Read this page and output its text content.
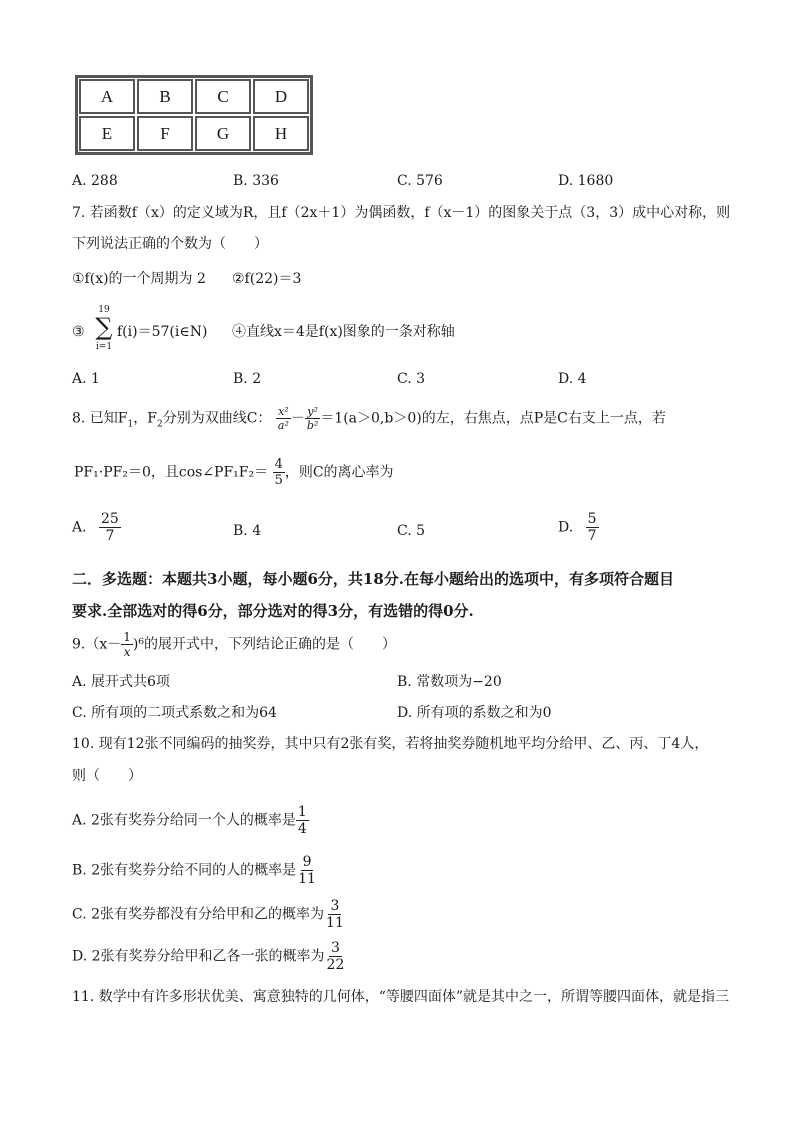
A	B	C	D
E	F	G	H
A. 288	B. 336	C. 576	D. 1680
7. 若函数f（x）的定义域为R，且f（2x＋1）为偶函数，f（x－1）的图象关于点（3，3）成中心对称，则
下列说法正确的个数为（　　）
①f(x)的一个周期为 2 ②f(22)＝3
③
19
∑
i=1
f(i)＝57(i∈N) ④直线x＝4是f(x)图象的一条对称轴
A. 1	B. 2	C. 3	D. 4
8. 已知$F_1$，$F_2$分别为双曲线C： $\frac{\text{x²}}{\text{a²}} - \frac{\text{y²}}{\text{b²}} =1(a>0,b>0)$的左，右焦点，点P是C右支上一点，若
PF₁·PF₂＝0，且cos∠PF₁F₂＝ $\frac{4}{5}$ ，则C的离心率为
A. $\frac{25}{7}$	B. 4	C. 5	D. $\frac{5}{7}$
二．多选题：本题共3小题，每小题6分，共18分.在每小题给出的选项中，有多项符合题目
要求.全部选对的得6分，部分选对的得3分，有选错的得0分.
$9.(x- \frac{1}{x} )^6$的展开式中，下列结论正确的是（　　）
A. 展开式共6项	B. 常数项为−20
C. 所有项的二项式系数之和为64	D. 所有项的系数之和为0
10. 现有12张不同编码的抽奖券，其中只有2张有奖，若将抽奖券随机地平均分给甲、乙、丙、丁4人，
则（　　）
A. 2张有奖券分给同一个人的概率是 $\frac{1}{4}$
B. 2张有奖券分给不同的人的概率是 $\frac{9}{11}$
C. 2张有奖券都没有分给甲和乙的概率为 $\frac{3}{11}$
D. 2张有奖券分给甲和乙各一张的概率为 $\frac{3}{22}$
11. 数学中有许多形状优美、寓意独特的几何体，“等腰四面体”就是其中之一，所谓等腰四面体，就是指三
